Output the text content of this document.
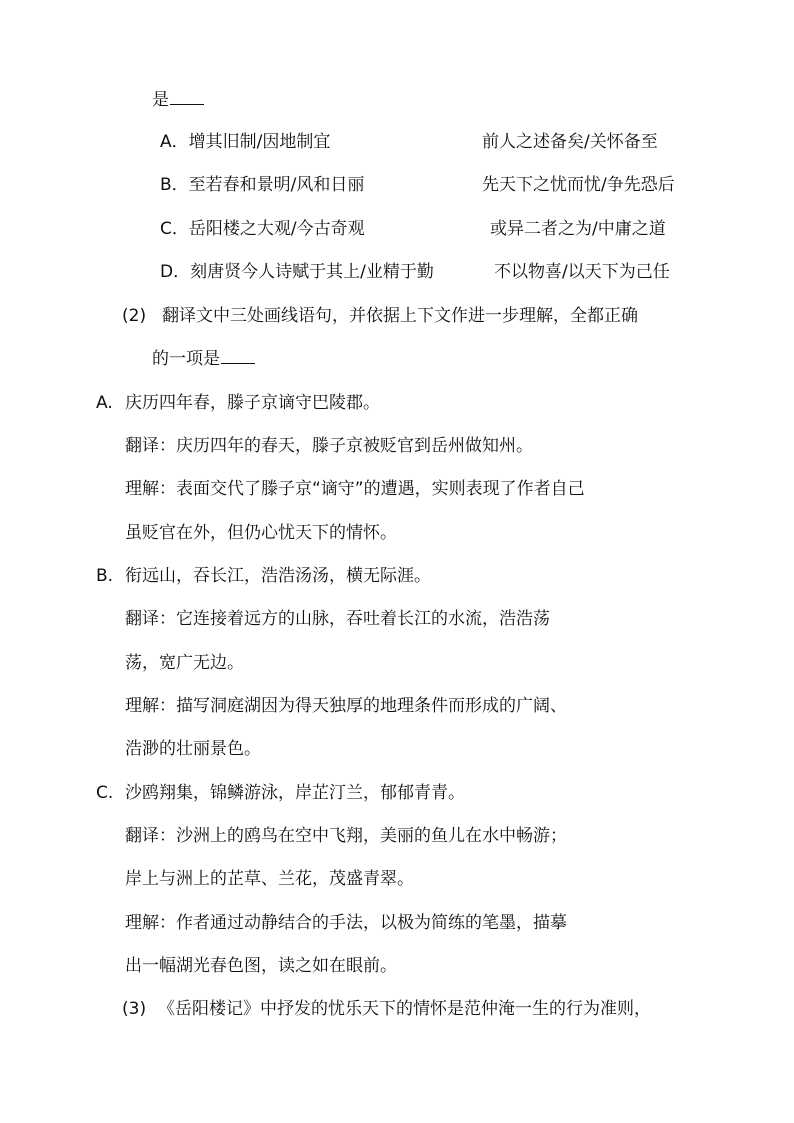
是
A．增其旧制/因地制宜	前人之述备矣/关怀备至
B．至若春和景明/风和日丽	先天下之忧而忧/争先恐后
C．岳阳楼之大观/今古奇观	或异二者之为/中庸之道
D．刻唐贤今人诗赋于其上/业精于勤	不以物喜/以天下为己任
(2) 翻译文中三处画线语句，并依据上下文作进一步理解，全都正确
的一项是
A. 庆历四年春，滕子京谪守巴陵郡。
翻译：庆历四年的春天，滕子京被贬官到岳州做知州。
理解：表面交代了滕子京“谪守”的遭遇，实则表现了作者自己
虽贬官在外，但仍心忧天下的情怀。
B. 衔远山，吞长江，浩浩汤汤，横无际涯。
翻译：它连接着远方的山脉，吞吐着长江的水流，浩浩荡
荡，宽广无边。
理解：描写洞庭湖因为得天独厚的地理条件而形成的广阔、
浩渺的壮丽景色。
C. 沙鸥翔集，锦鳞游泳，岸芷汀兰，郁郁青青。
翻译：沙洲上的鸥鸟在空中飞翔，美丽的鱼儿在水中畅游；
岸上与洲上的芷草、兰花，茂盛青翠。
理解：作者通过动静结合的手法，以极为简练的笔墨，描摹
出一幅湖光春色图，读之如在眼前。
(3) 《岳阳楼记》中抒发的忧乐天下的情怀是范仲淹一生的行为准则，
